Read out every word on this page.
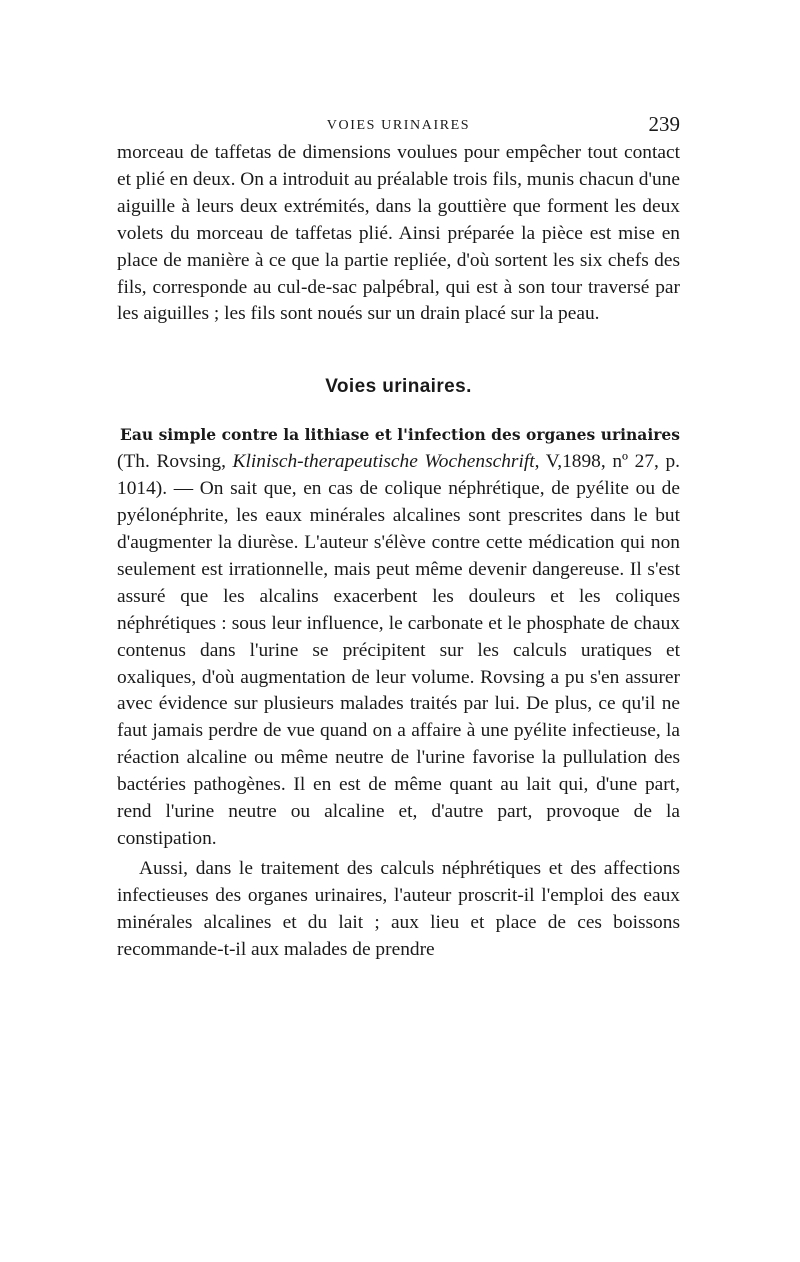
VOIES URINAIRES	239

morceau de taffetas de dimensions voulues pour empêcher tout contact et plié en deux. On a introduit au préalable trois fils, munis chacun d'une aiguille à leurs deux extrémités, dans la gouttière que forment les deux volets du morceau de taffetas plié. Ainsi préparée la pièce est mise en place de manière à ce que la partie repliée, d'où sortent les six chefs des fils, corresponde au cul-de-sac palpébral, qui est à son tour traversé par les aiguilles ; les fils sont noués sur un drain placé sur la peau.

Voies urinaires.

Eau simple contre la lithiase et l'infection des organes urinaires (Th. Rovsing, Klinisch-therapeutische Wochenschrift, V,1898, nº 27, p. 1014). — On sait que, en cas de colique néphrétique, de pyélite ou de pyélonéphrite, les eaux minérales alcalines sont prescrites dans le but d'augmenter la diurèse. L'auteur s'élève contre cette médication qui non seulement est irrationnelle, mais peut même devenir dangereuse. Il s'est assuré que les alcalins exacerbent les douleurs et les coliques néphrétiques : sous leur influence, le carbonate et le phosphate de chaux contenus dans l'urine se précipitent sur les calculs uratiques et oxaliques, d'où augmentation de leur volume. Rovsing a pu s'en assurer avec évidence sur plusieurs malades traités par lui. De plus, ce qu'il ne faut jamais perdre de vue quand on a affaire à une pyélite infectieuse, la réaction alcaline ou même neutre de l'urine favorise la pullulation des bactéries pathogènes. Il en est de même quant au lait qui, d'une part, rend l'urine neutre ou alcaline et, d'autre part, provoque de la constipation.

Aussi, dans le traitement des calculs néphrétiques et des affections infectieuses des organes urinaires, l'auteur proscrit-il l'emploi des eaux minérales alcalines et du lait ; aux lieu et place de ces boissons recommande-t-il aux malades de prendre
